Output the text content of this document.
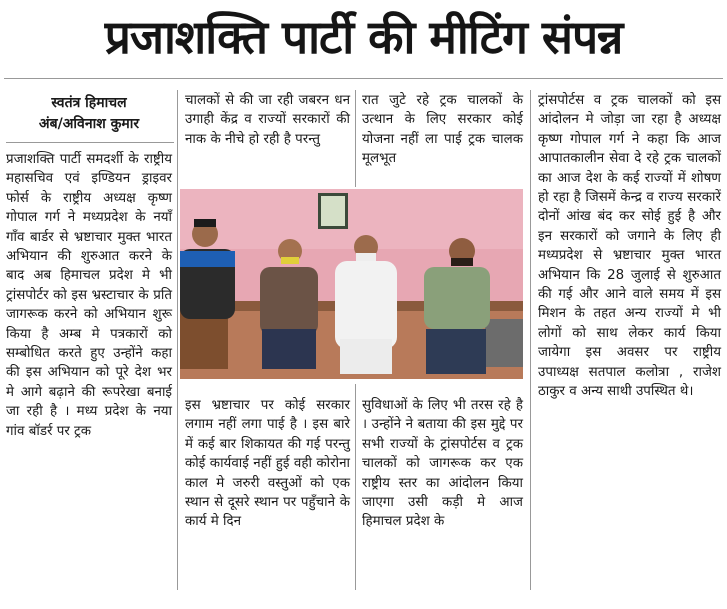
प्रजाशक्ति पार्टी की मीटिंग संपन्न
स्वतंत्र हिमाचल
अंब/अविनाश कुमार

प्रजाशक्ति पार्टी समदर्शी के राष्ट्रीय महासचिव एवं इण्डियन ड्राइवर फोर्स के राष्ट्रीय अध्यक्ष कृष्ण गोपाल गर्ग ने मध्यप्रदेश के नयाँ गाँव बार्डर से भ्रष्टाचार मुक्त भारत अभियान की शुरुआत करने के बाद अब हिमाचल प्रदेश मे भी ट्रांसपोर्टर को इस भ्रस्टाचार के प्रति जागरूक करने को अभियान शुरू किया है अम्ब मे पत्रकारों को सम्बोधित करते हुए उन्होंने कहा की इस अभियान को पूरे देश भर मे आगे बढ़ाने की रूपरेखा बनाई जा रही है । मध्य प्रदेश के नया गांव बॉडर्र पर ट्रक

चालकों से की जा रही जबरन धन उगाही केंद्र व राज्यों सरकारों की नाक के नीचे हो रही है परन्तु

इस भ्रष्टाचार पर कोई सरकार लगाम नहीं लगा पाई है । इस बारे में कई बार शिकायत की गई परन्तु कोई कार्यवाई नहीं हुई वही कोरोना काल मे जरुरी वस्तुओं को एक स्थान से दूसरे स्थान पर पहुँचाने के कार्य मे दिन

रात जुटे रहे ट्रक चालकों के उत्थान के लिए सरकार कोई योजना नहीं ला पाई ट्रक चालक मूलभूत

सुविधाओं के लिए भी तरस रहे है । उन्होंने ने बताया की इस मुद्दे पर सभी राज्यों के ट्रांसपोर्टस व ट्रक चालकों को जागरूक कर एक राष्ट्रीय स्तर का आंदोलन किया जाएगा उसी कड़ी मे आज हिमाचल प्रदेश के

ट्रांसपोर्टस व ट्रक चालकों को इस आंदोलन मे जोड़ा जा रहा है अध्यक्ष कृष्ण गोपाल गर्ग ने कहा कि आज आपातकालीन सेवा दे रहे ट्रक चालकों का आज देश के कई राज्यों में शोषण हो रहा है जिसमें केन्द्र व राज्य सरकारें दोनों आंख बंद कर सोई हुई है और इन सरकारों को जगाने के लिए ही मध्यप्रदेश से भ्रष्टाचार मुक्त भारत अभियान कि 28 जुलाई से शुरुआत की गई और आने वाले समय में इस मिशन के तहत अन्य राज्यों मे भी लोगों को साथ लेकर कार्य किया जायेगा इस अवसर पर राष्ट्रीय उपाध्यक्ष सतपाल कलोत्रा , राजेश ठाकुर व अन्य साथी उपस्थित थे।
